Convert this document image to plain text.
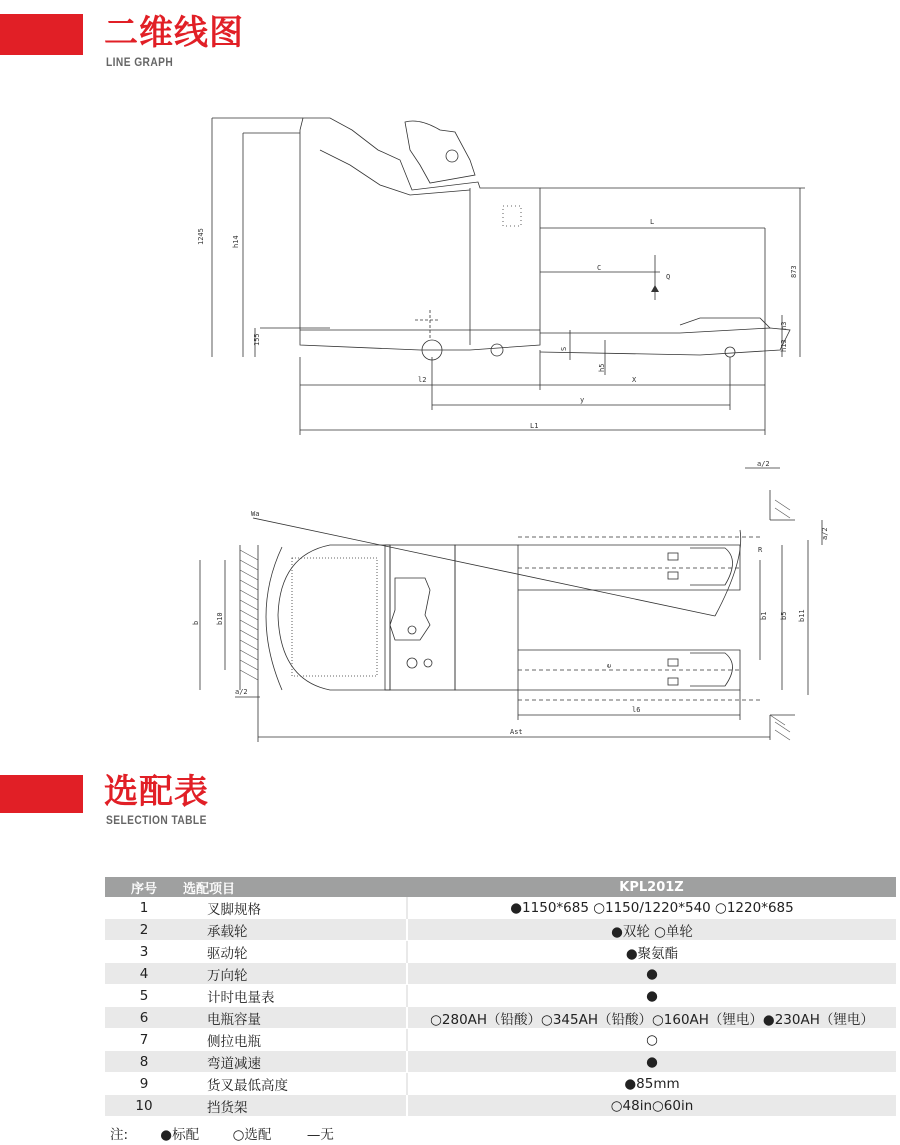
二维线图
LINE GRAPH
1245	h14
155
L
C
Q	873
h3
h13
S
h5
l2	X
y
L1
a/2
a/2
Wa
R
b b10	b1 b5 b11
e
a/2
l6
Ast
选配表
SELECTION TABLE
序号	选配项目	KPL201Z
1	叉脚规格	●1150*685 ○1150/1220*540 ○1220*685
2	承载轮	●双轮 ○单轮
3	驱动轮	●聚氨酯
4	万向轮	●
5	计时电量表	●
6	电瓶容量	○280AH（铅酸）○345AH（铅酸）○160AH（锂电）●230AH（锂电）
7	侧拉电瓶	○
8	弯道减速	●
9	货叉最低高度	●85mm
10	挡货架	○48in○60in
注: ●标配 ○选配	—无
